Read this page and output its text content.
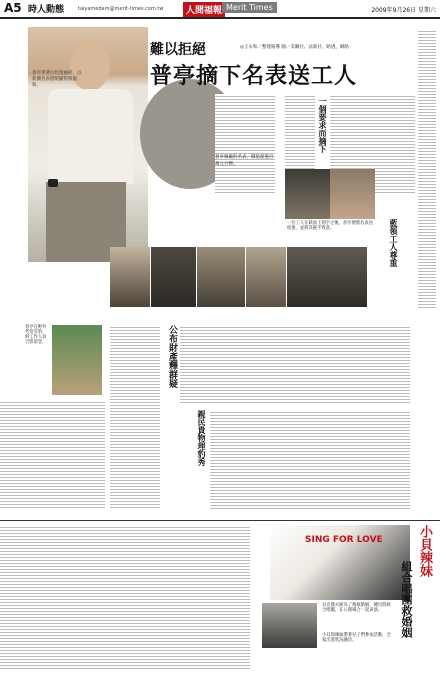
A5 時人動態	taiyamedam@merit-times.com.tw	人間福報 Merit Times	2009年9月26日 星期六
普亭穿著白色短袖衫，以新潮名表搭配顯得很親和。
難以拒絕
普亭摘下名表送工人
◎王永和／整理報導 圖／美聯社、法新社、路透、網路
一個要求而摘下
普亭佩戴的名表，價值超過百萬元台幣。
一位工人在錶面上刻字之後，普亭便將名表送給他，並與其握手致意。	藍領工人尊重
普亭在野外考察雪豹，與工作人員合影留念。	公布財產釋群疑
親民貴物理豹秀
SING FOR LOVE
貝克漢夫婦為了挽救婚姻，傳出將組合唱團，在公開場合一起表演。
小貝與辣妹帶著兒子們參加活動，全家出遊狀況融洽。
小貝辣妹
組合唱團救婚姻
